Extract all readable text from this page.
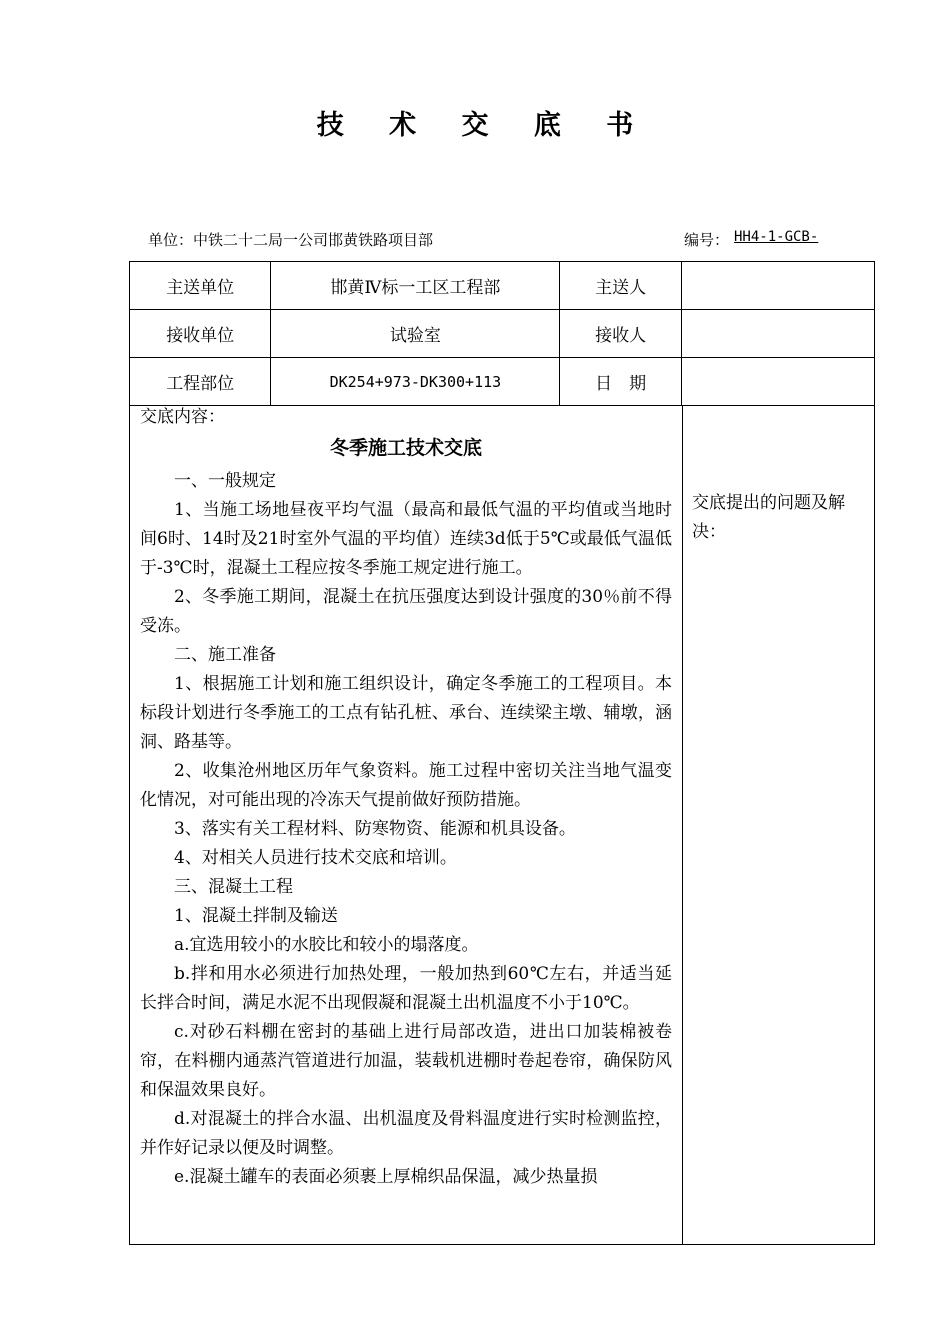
技 术 交 底 书
单位：中铁二十二局一公司邯黄铁路项目部	编号： HH4-1-GCB-
主送单位	邯黄Ⅳ标一工区工程部	主送人	
接收单位	试验室	接收人	
工程部位	DK254+973-DK300+113	日　期	

交底内容：

冬季施工技术交底

一、一般规定

1、当施工场地昼夜平均气温（最高和最低气温的平均值或当地时间6时、14时及21时室外气温的平均值）连续3d低于5℃或最低气温低于-3℃时，混凝土工程应按冬季施工规定进行施工。

2、冬季施工期间，混凝土在抗压强度达到设计强度的30％前不得受冻。

二、施工准备

1、根据施工计划和施工组织设计，确定冬季施工的工程项目。本标段计划进行冬季施工的工点有钻孔桩、承台、连续梁主墩、辅墩，涵洞、路基等。

2、收集沧州地区历年气象资料。施工过程中密切关注当地气温变化情况，对可能出现的冷冻天气提前做好预防措施。

3、落实有关工程材料、防寒物资、能源和机具设备。

4、对相关人员进行技术交底和培训。

三、混凝土工程

1、混凝土拌制及输送

a.宜选用较小的水胶比和较小的塌落度。

b.拌和用水必须进行加热处理，一般加热到60℃左右，并适当延长拌合时间，满足水泥不出现假凝和混凝土出机温度不小于10℃。

c.对砂石料棚在密封的基础上进行局部改造，进出口加装棉被卷帘，在料棚内通蒸汽管道进行加温，装载机进棚时卷起卷帘，确保防风和保温效果良好。

d.对混凝土的拌合水温、出机温度及骨料温度进行实时检测监控，并作好记录以便及时调整。

e.混凝土罐车的表面必须裹上厚棉织品保温，减少热量损

交底提出的问题及解决：
